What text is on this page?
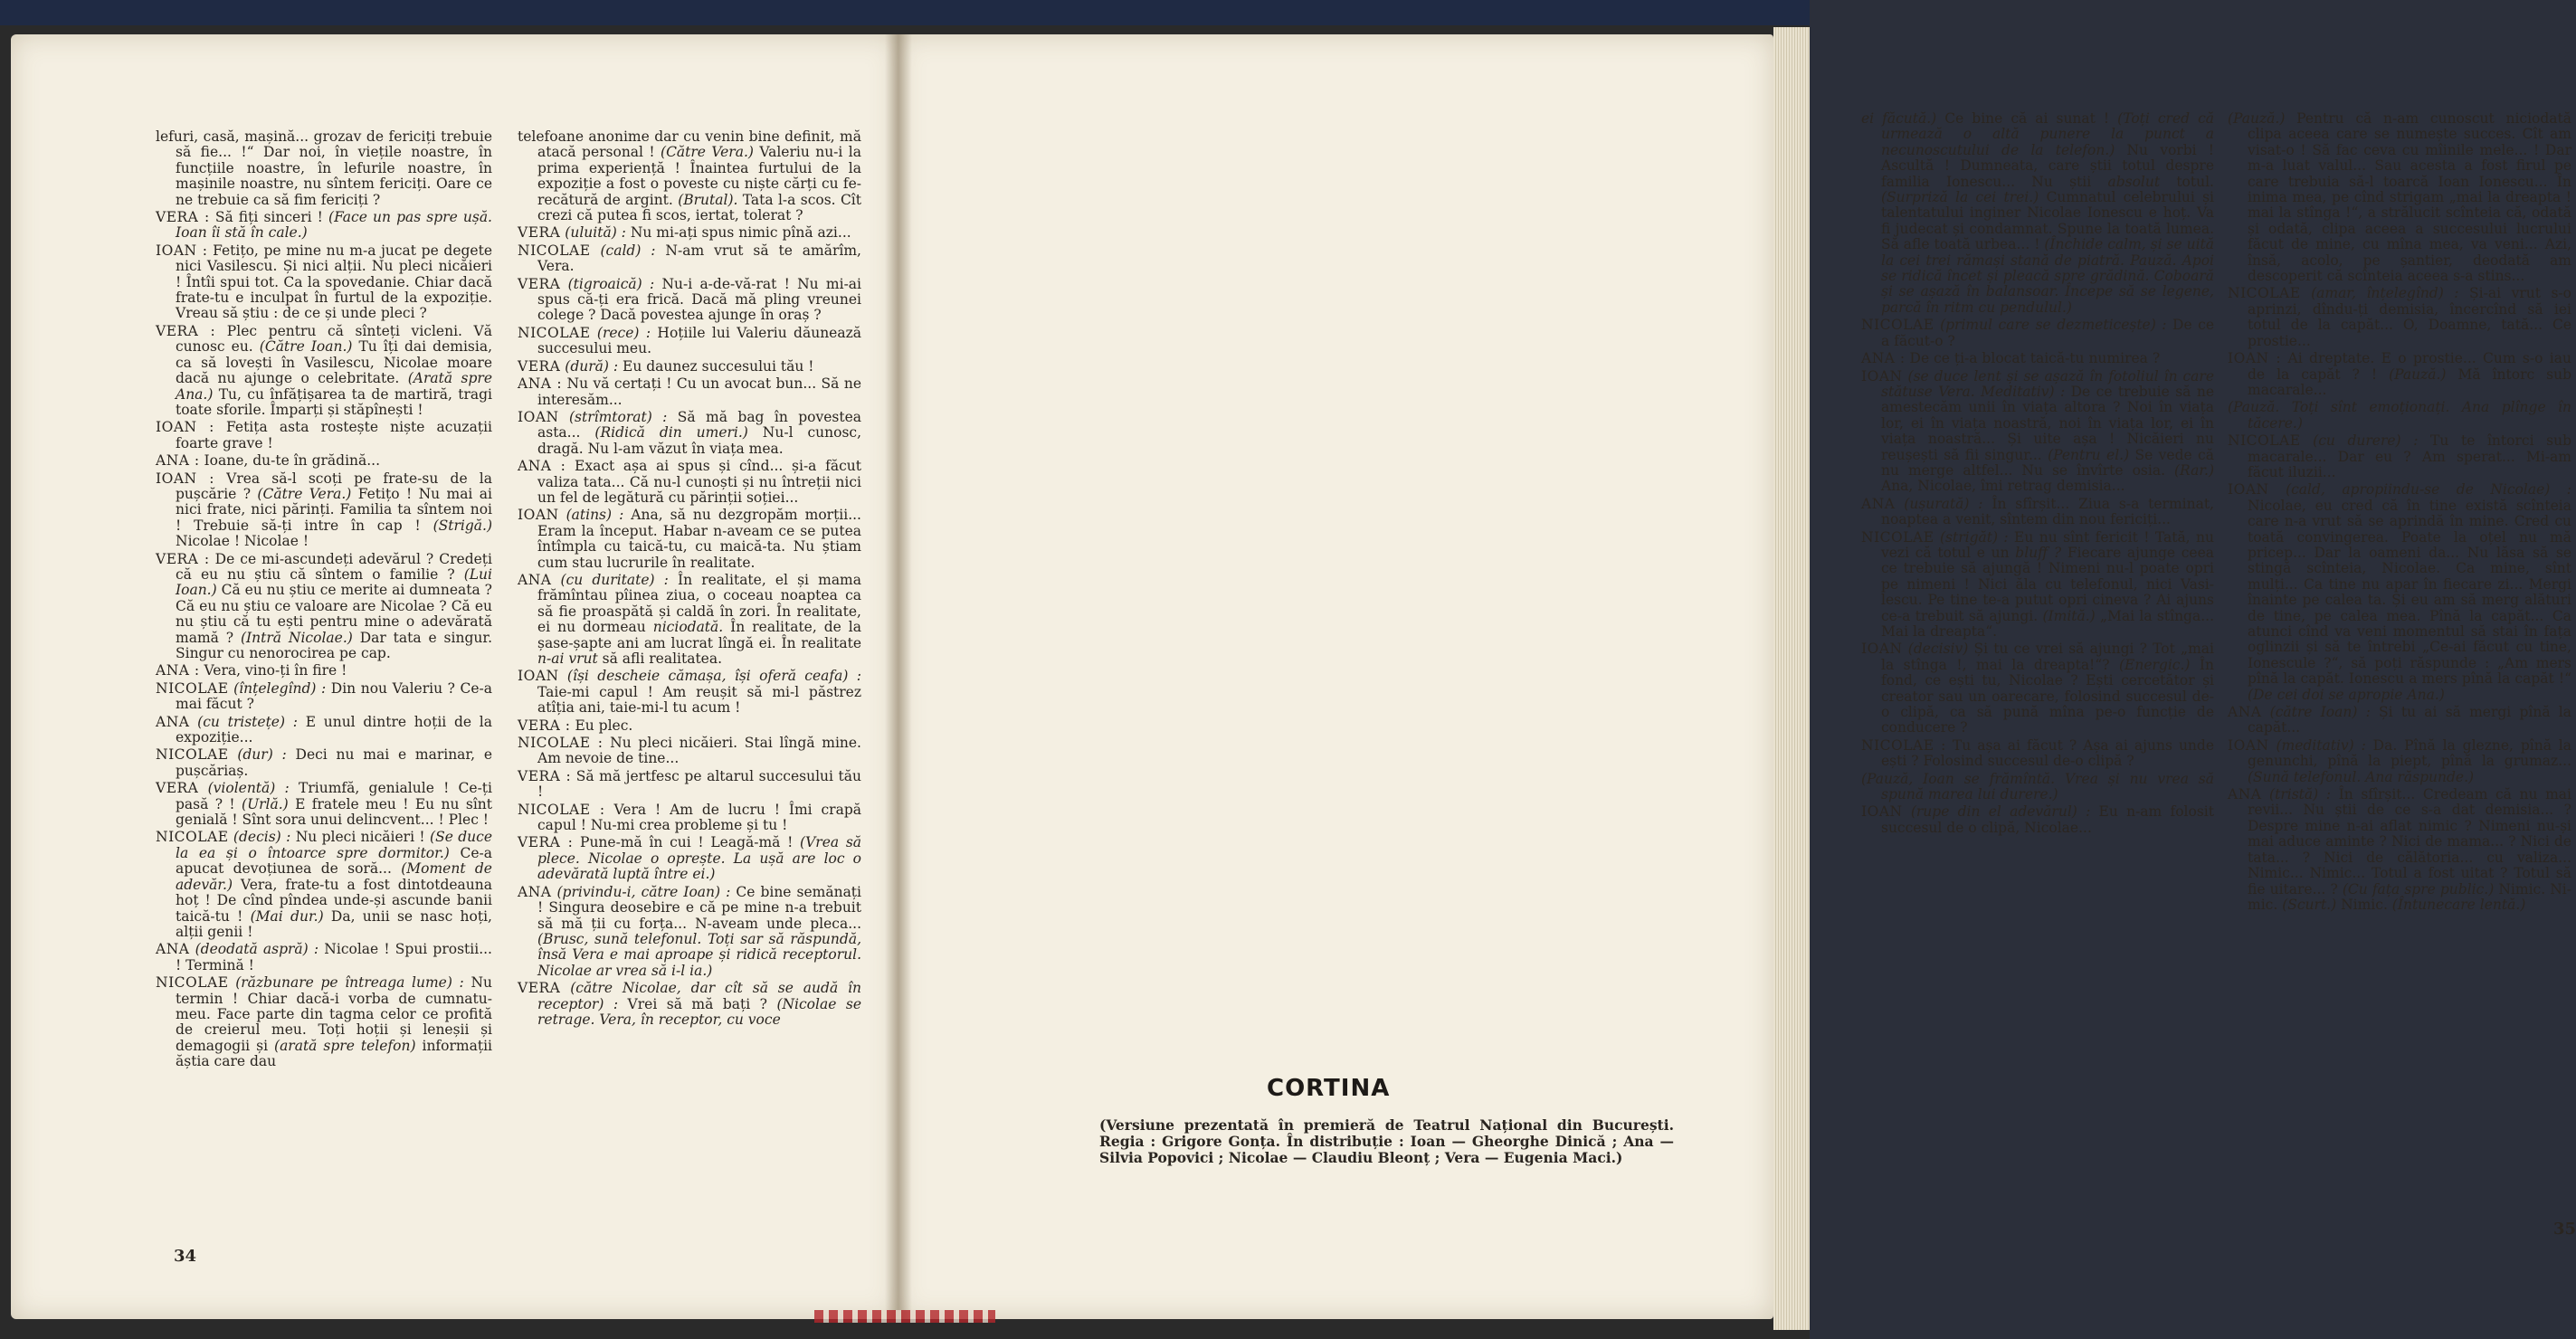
lefuri, casă, mașină... grozav de fericiți trebuie să fie... !“ Dar noi, în viețile noastre, în funcțiile noastre, în lefurile noastre, în mașinile noastre, nu sîntem fericiți. Oare ce ne trebuie ca să fim fericiți ?

VERA : Să fiți sinceri ! (Face un pas spre ușă. Ioan îi stă în cale.)

IOAN : Fetițo, pe mine nu m-a jucat pe degete nici Vasilescu. Și nici alții. Nu pleci nicăieri ! Întîi spui tot. Ca la spovedanie. Chiar dacă frate-tu e inculpat în furtul de la expoziție. Vreau să știu : de ce și unde pleci ?

VERA : Plec pentru că sînteți vicleni. Vă cunosc eu. (Către Ioan.) Tu îți dai demisia, ca să lovești în Vasilescu, Nicolae moare dacă nu ajunge o celebritate. (Arată spre Ana.) Tu, cu înfățișarea ta de martiră, tragi toate sforile. Împarți și stăpînești !

IOAN : Fetița asta rostește niște acuzații foarte grave !

ANA : Ioane, du-te în grădină...

IOAN : Vrea să-l scoți pe frate-su de la pușcărie ? (Către Vera.) Fetițo ! Nu mai ai nici frate, nici părinți. Familia ta sîntem noi ! Trebuie să-ți intre în cap ! (Strigă.) Nicolae ! Nicolae !

VERA : De ce mi-ascundeți adevărul ? Credeți că eu nu știu că sîntem o familie ? (Lui Ioan.) Că eu nu știu ce merite ai dumneata ? Că eu nu știu ce valoare are Nicolae ? Că eu nu știu că tu ești pentru mine o adevărată mamă ? (Intră Nicolae.) Dar tata e singur. Singur cu nenorocirea pe cap.

ANA : Vera, vino-ți în fire !

NICOLAE (înțelegînd) : Din nou Valeriu ? Ce-a mai făcut ?

ANA (cu tristețe) : E unul dintre hoții de la expoziție...

NICOLAE (dur) : Deci nu mai e marinar, e pușcăriaș.

VERA (violentă) : Triumfă, genialule ! Ce-ți pasă ? ! (Urlă.) E fratele meu ! Eu nu sînt genială ! Sînt sora unui delincvent... ! Plec !

NICOLAE (decis) : Nu pleci nicăieri ! (Se duce la ea și o întoarce spre dormitor.) Ce-a apucat devoțiunea de soră... (Moment de adevăr.) Vera, frate-tu a fost dintotdeauna hoț ! De cînd pîndea unde-și ascunde banii taică-tu ! (Mai dur.) Da, unii se nasc hoți, alții genii !

ANA (deodată aspră) : Nicolae ! Spui prostii... ! Termină !

NICOLAE (răzbunare pe întreaga lume) : Nu termin ! Chiar dacă-i vorba de cumnatu-meu. Face parte din tagma celor ce profită de creierul meu. Toți hoții și leneșii și demagogii și (arată spre telefon) informații ăștia care dau

telefoane anonime dar cu venin bine definit, mă atacă personal ! (Către Vera.) Valeriu nu-i la prima experiență ! Înaintea furtului de la expoziție a fost o poveste cu niște cărți cu ferecătură de argint. (Brutal). Tata l-a scos. Cît crezi că putea fi scos, iertat, tolerat ?

VERA (uluită) : Nu mi-ați spus nimic pînă azi...

NICOLAE (cald) : N-am vrut să te amărîm, Vera.

VERA (tigroaică) : Nu-i a-de-vă-rat ! Nu mi-ai spus că-ți era frică. Dacă mă pling vreunei colege ? Dacă povestea ajunge în oraș ?

NICOLAE (rece) : Hoțiile lui Valeriu dăunează succesului meu.

VERA (dură) : Eu daunez succesului tău !

ANA : Nu vă certați ! Cu un avocat bun... Să ne interesăm...

IOAN (strîmtorat) : Să mă bag în povestea asta... (Ridică din umeri.) Nu-l cunosc, dragă. Nu l-am văzut în viața mea.

ANA : Exact așa ai spus și cînd... și-a făcut valiza tata... Că nu-l cunoști și nu întreții nici un fel de legătură cu părinții soției...

IOAN (atins) : Ana, să nu dezgropăm morții... Eram la început. Habar n-aveam ce se putea întîmpla cu taică-tu, cu maică-ta. Nu știam cum stau lucrurile în realitate.

ANA (cu duritate) : În realitate, el și mama frămîntau pîinea ziua, o coceau noaptea ca să fie proaspătă și caldă în zori. În realitate, ei nu dormeau niciodată. În realitate, de la șase-șapte ani am lucrat lîngă ei. În realitate n-ai vrut să afli realitatea.

IOAN (își descheie cămașa, își oferă ceafa) : Taie-mi capul ! Am reușit să mi-l păstrez atîția ani, taie-mi-l tu acum !

VERA : Eu plec.

NICOLAE : Nu pleci nicăieri. Stai lîngă mine. Am nevoie de tine...

VERA : Să mă jertfesc pe altarul succesului tău !

NICOLAE : Vera ! Am de lucru ! Îmi crapă capul ! Nu-mi crea probleme și tu !

VERA : Pune-mă în cui ! Leagă-mă ! (Vrea să plece. Nicolae o oprește. La ușă are loc o adevărată luptă între ei.)

ANA (privindu-i, către Ioan) : Ce bine semănați ! Singura deosebire e că pe mine n-a trebuit să mă ții cu forța... N-aveam unde pleca... (Brusc, sună telefonul. Toți sar să răspundă, însă Vera e mai aproape și ridică receptorul. Nicolae ar vrea să i-l ia.)

VERA (către Nicolae, dar cît să se audă în receptor) : Vrei să mă bați ? (Nicolae se retrage. Vera, în receptor, cu voce

34

ei făcută.) Ce bine că ai sunat ! (Toți cred că urmează o altă punere la punct a necunoscutului de la telefon.) Nu vorbi ! Ascultă ! Dumneata, care știi totul despre familia Ionescu... Nu știi absolut totul. (Surpriză la cei trei.) Cumnatul celebrului și talentatului inginer Nicolae Ionescu e hoț. Va fi judecat și condamnat. Spune la toată lumea. Să afle toată urbea... ! (Închide calm, și se uită la cei trei rămași stană de piatră. Pauză. Apoi se ridică încet și pleacă spre grădină. Coboară și se așază în balansoar. Începe să se legene, parcă în ritm cu pendulul.)

NICOLAE (primul care se dezmeticește) : De ce a făcut-o ?

ANA : De ce ți-a blocat taică-tu numirea ?

IOAN (se duce lent și se așază în fotoliul în care stătuse Vera. Meditativ) : De ce trebuie să ne amestecăm unii în viața altora ? Noi în viața lor, ei în viața noastră, noi în viața lor, ei în viața noastră... Și uite așa ! Nicăieri nu reușești să fii singur... (Pentru el.) Se vede că nu merge altfel... Nu se învîrte osia. (Rar.) Ana, Nicolae, îmi retrag demisia...

ANA (ușurată) : În sfîrșit... Ziua s-a terminat, noaptea a venit, sîntem din nou fericiți...

NICOLAE (strigăt) : Eu nu sînt fericit ! Tată, nu vezi că totul e un bluff ? Fiecare ajunge ceea ce trebuie să ajungă ! Nimeni nu-l poate opri pe nimeni ! Nici ăla cu telefonul, nici Vasilescu. Pe tine te-a putut opri cineva ? Ai ajuns ce-a trebuit să ajungi. (Imită.) „Mai la stînga... Mai la dreapta“.

IOAN (decisiv) Și tu ce vrei să ajungi ? Tot „mai la stînga !, mai la dreapta!“? (Energic.) În fond, ce ești tu, Nicolae ? Ești cercetător și creator sau un oarecare, folosind succesul de-o clipă, ca să pună mîna pe-o funcție de conducere ?

NICOLAE : Tu așa ai făcut ? Așa ai ajuns unde ești ? Folosind succesul de-o clipă ?

(Pauză, Ioan se frămîntă. Vrea și nu vrea să spună marea lui durere.)

IOAN (rupe din el adevărul) : Eu n-am folosit succesul de o clipă, Nicolae...

(Pauză.) Pentru că n-am cunoscut niciodată clipa aceea care se numește succes. Cît am visat-o ! Să fac ceva cu mîinile mele... ! Dar m-a luat valul... Sau acesta a fost firul pe care trebuia să-l toarcă Ioan Ionescu... În inima mea, pe cînd strigam „mai la dreapta ! mai la stînga !“, a strălucit scînteia că, odată și odată, clipa aceea a succesului lucrului făcut de mine, cu mîna mea, va veni... Azi, însă, acolo, pe șantier, deodată am descoperit că scînteia aceea s-a stins...

NICOLAE (amar, înțelegînd) : Și-ai vrut s-o aprinzi, dîndu-ți demisia, încercînd să iei totul de la capăt... O, Doamne, tată... Ce prostie...

IOAN : Ai dreptate. E o prostie... Cum s-o iau de la capăt ? ! (Pauză.) Mă întorc sub macarale...

(Pauză. Toți sînt emoționați. Ana plînge în tăcere.)

NICOLAE (cu durere) : Tu te întorci sub macarale... Dar eu ? Am sperat... Mi-am făcut iluzii...

IOAN (cald, apropiindu-se de Nicolae) : Nicolae, eu cred că în tine există scînteia care n-a vrut să se aprindă în mine. Cred cu toată convingerea. Poate la oțel nu mă pricep... Dar la oameni da... Nu lăsa să se stingă scînteia, Nicolae. Ca mine, sînt mulți... Ca tine nu apar în fiecare zi... Mergi înainte pe calea ta. Și eu am să merg alături de tine, pe calea mea. Pînă la capăt... Ca atunci cînd va veni momentul să stai în fața oglinzii și să te întrebi „Ce-ai făcut cu tine, Ionescule ?“, să poți răspunde : „Am mers pînă la capăt. Ionescu a mers pînă la capăt !“ (De cei doi se apropie Ana.)

ANA (către Ioan) : Și tu ai să mergi pînă la capăt...

IOAN (meditativ) : Da. Pînă la glezne, pînă la genunchi, pînă la piept, pînă la grumaz... (Sună telefonul. Ana răspunde.)

ANA (tristă) : În sfîrșit... Credeam că nu mai revii... Nu știi de ce s-a dat demisia... ? Despre mine n-ai aflat nimic ? Nimeni nu-și mai aduce aminte ? Nici de mama... ? Nici de tata... ? Nici de călătoria... cu valiza... Nimic... Nimic... Totul a fost uitat ? Totul să fie uitare... ? (Cu fața spre public.) Nimic. Ni-mic. (Scurt.) Nimic. (Întunecare lentă.)

35
CORTINA
(Versiune prezentată în premieră de Teatrul Național din București. Regia : Grigore Gonța. În distribuție : Ioan — Gheorghe Dinică ; Ana — Silvia Popovici ; Nicolae — Claudiu Bleonț ; Vera — Eugenia Maci.)
